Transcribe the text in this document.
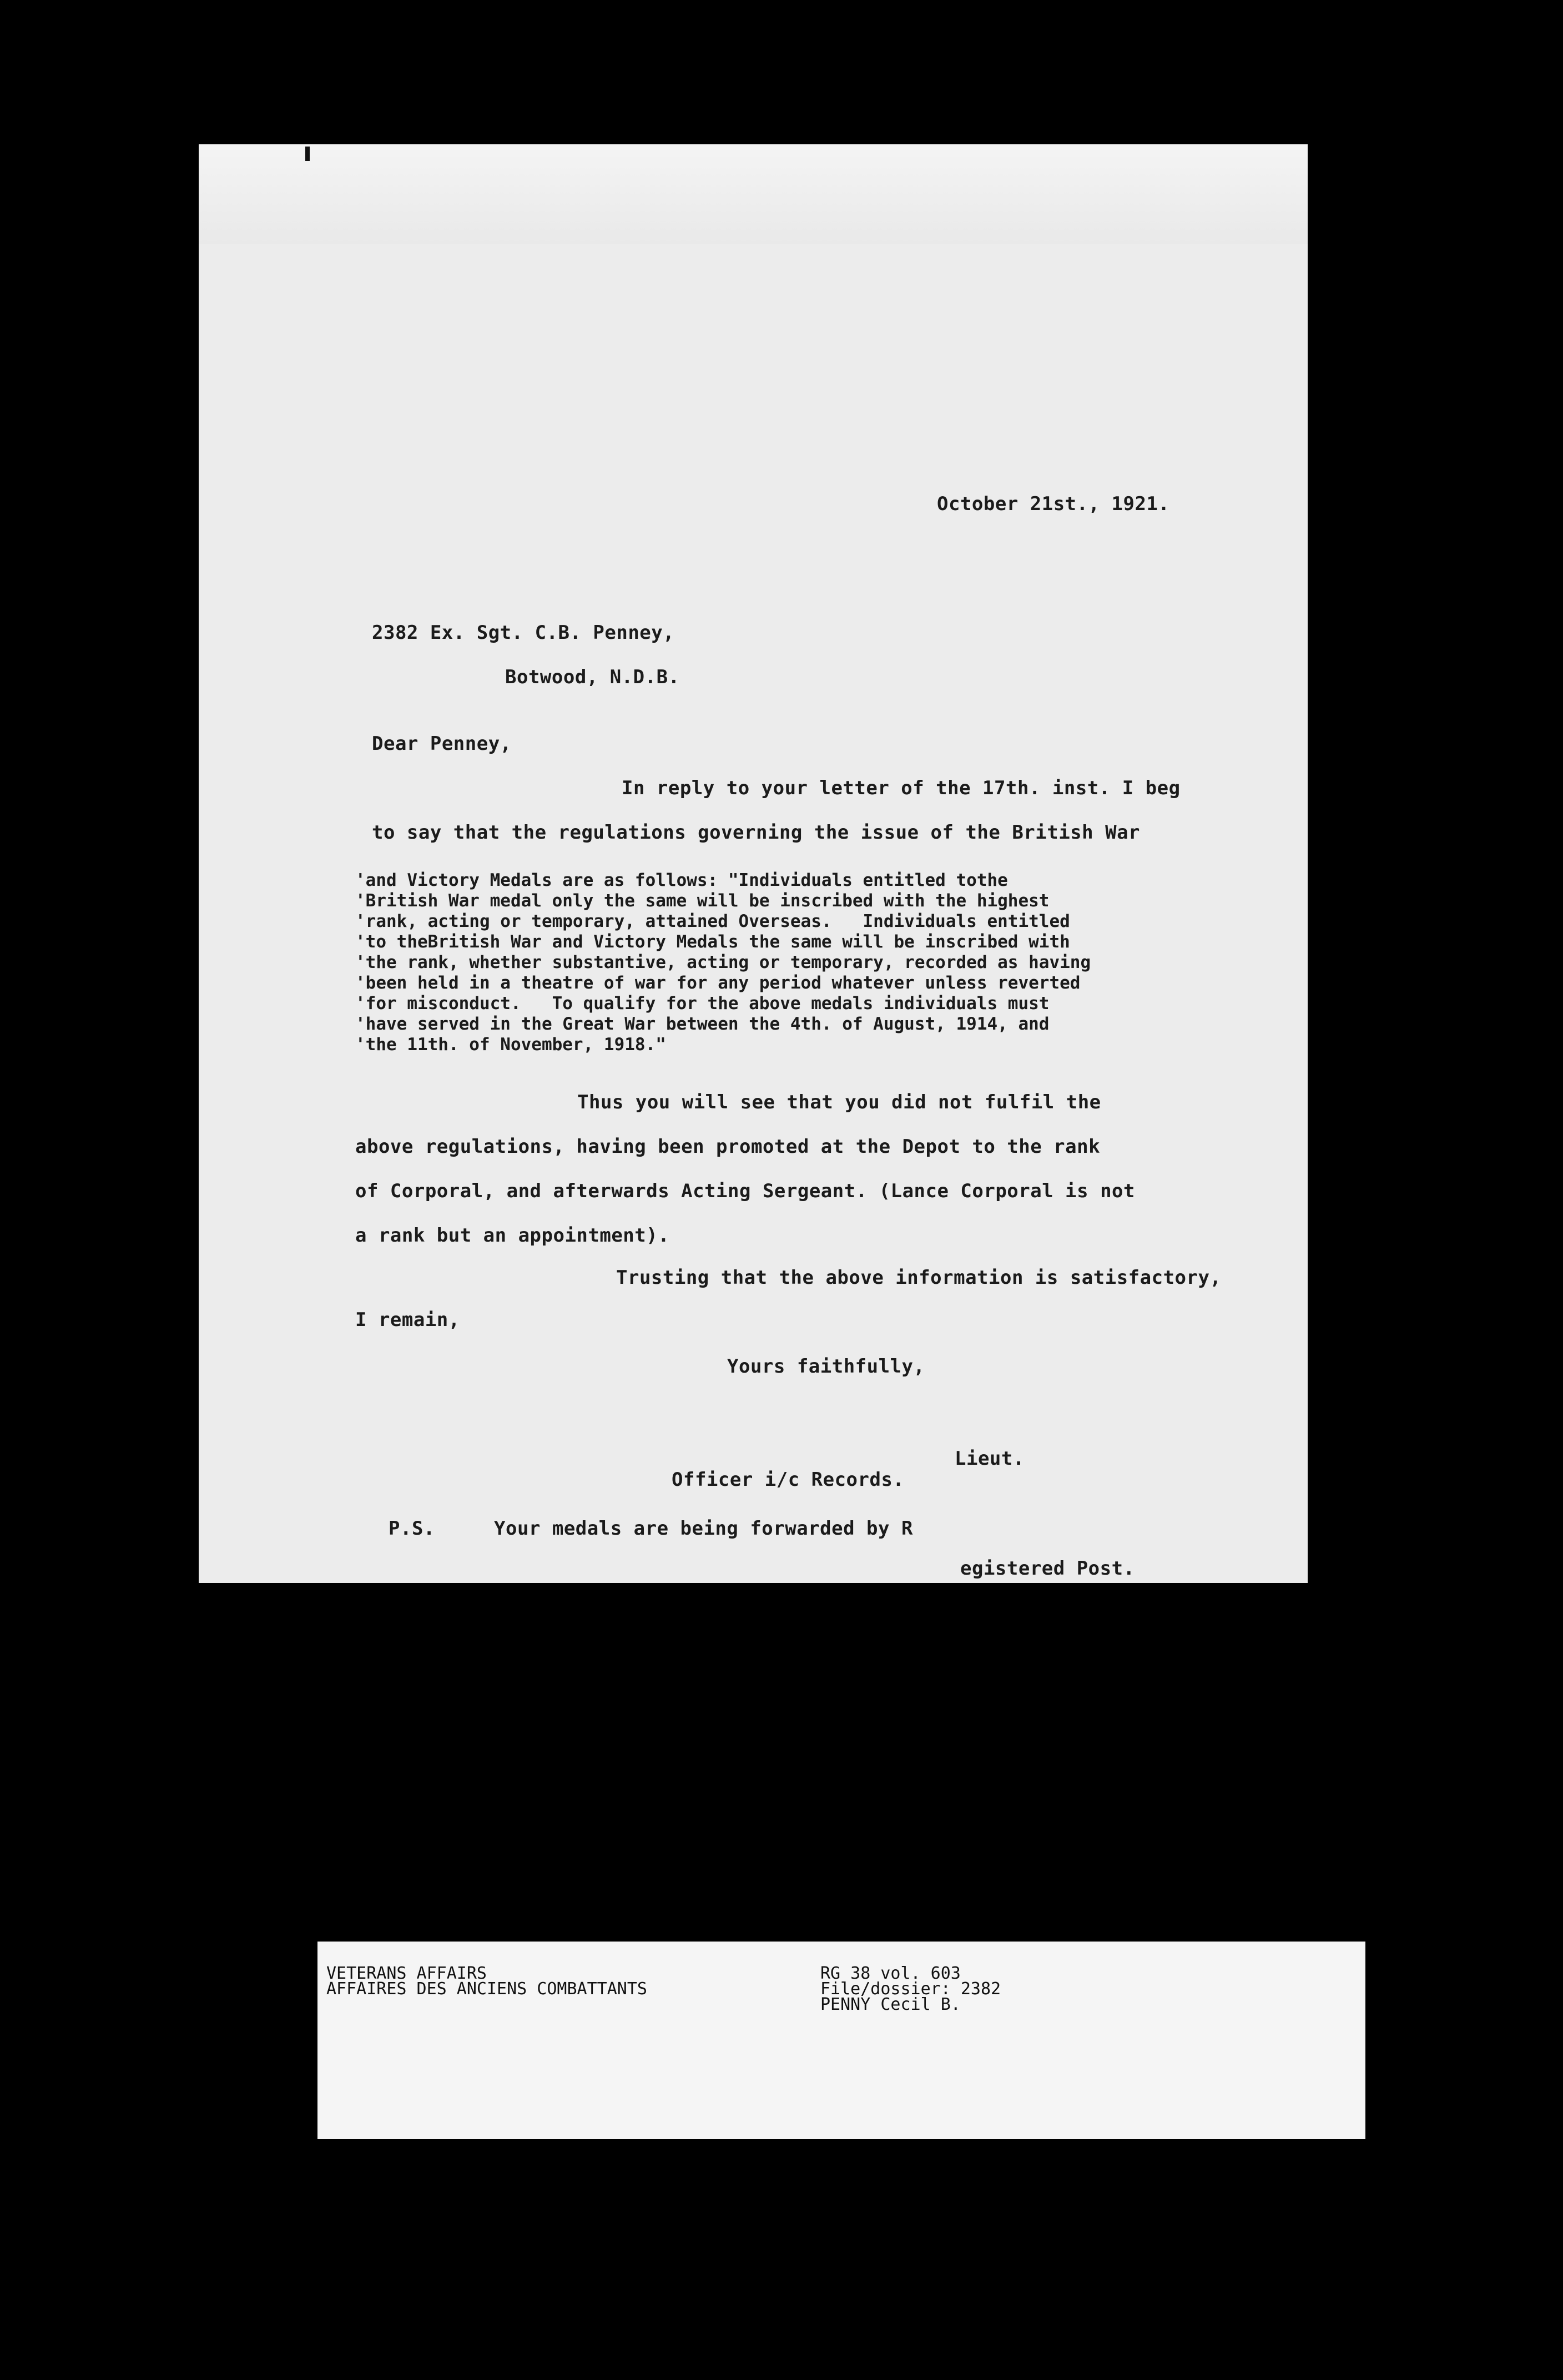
October 21st., 1921.
2382 Ex. Sgt. C.B. Penney,
Botwood, N.D.B.
Dear Penney,
In reply to your letter of the 17th. inst. I beg
to say that the regulations governing the issue of the British War
'and Victory Medals are as follows: "Individuals entitled tothe
'British War medal only the same will be inscribed with the highest
'rank, acting or temporary, attained Overseas.   Individuals entitled
'to theBritish War and Victory Medals the same will be inscribed with
'the rank, whether substantive, acting or temporary, recorded as having
'been held in a theatre of war for any period whatever unless reverted
'for misconduct.   To qualify for the above medals individuals must
'have served in the Great War between the 4th. of August, 1914, and
'the 11th. of November, 1918."
Thus you will see that you did not fulfil the
above regulations, having been promoted at the Depot to the rank
of Corporal, and afterwards Acting Sergeant. (Lance Corporal is not
a rank but an appointment).
Trusting that the above information is satisfactory,
I remain,
Yours faithfully,
Lieut.
Officer i/c Records.
P.S.	Your medals are being forwarded by R
egistered Post.
VETERANS AFFAIRS
AFFAIRES DES ANCIENS COMBATTANTS
RG 38 vol. 603
File/dossier: 2382
PENNY Cecil B.
